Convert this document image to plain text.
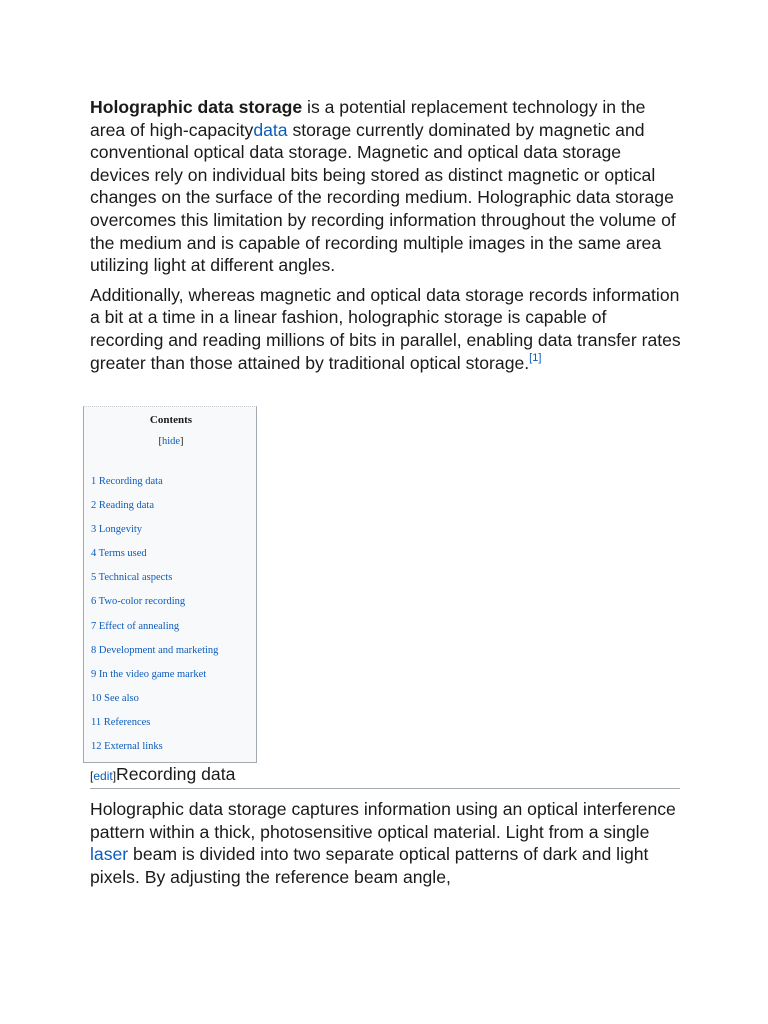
Holographic data storage is a potential replacement technology in the area of high-capacitydata storage currently dominated by magnetic and conventional optical data storage. Magnetic and optical data storage devices rely on individual bits being stored as distinct magnetic or optical changes on the surface of the recording medium. Holographic data storage overcomes this limitation by recording information throughout the volume of the medium and is capable of recording multiple images in the same area utilizing light at different angles.

Additionally, whereas magnetic and optical data storage records information a bit at a time in a linear fashion, holographic storage is capable of recording and reading millions of bits in parallel, enabling data transfer rates greater than those attained by traditional optical storage.[1]

Contents
[hide]
1 Recording data
2 Reading data
3 Longevity
4 Terms used
5 Technical aspects
6 Two-color recording
7 Effect of annealing
8 Development and marketing
9 In the video game market
10 See also
11 References
12 External links
[edit]Recording data

Holographic data storage captures information using an optical interference pattern within a thick, photosensitive optical material. Light from a single laser beam is divided into two separate optical patterns of dark and light pixels. By adjusting the reference beam angle,
